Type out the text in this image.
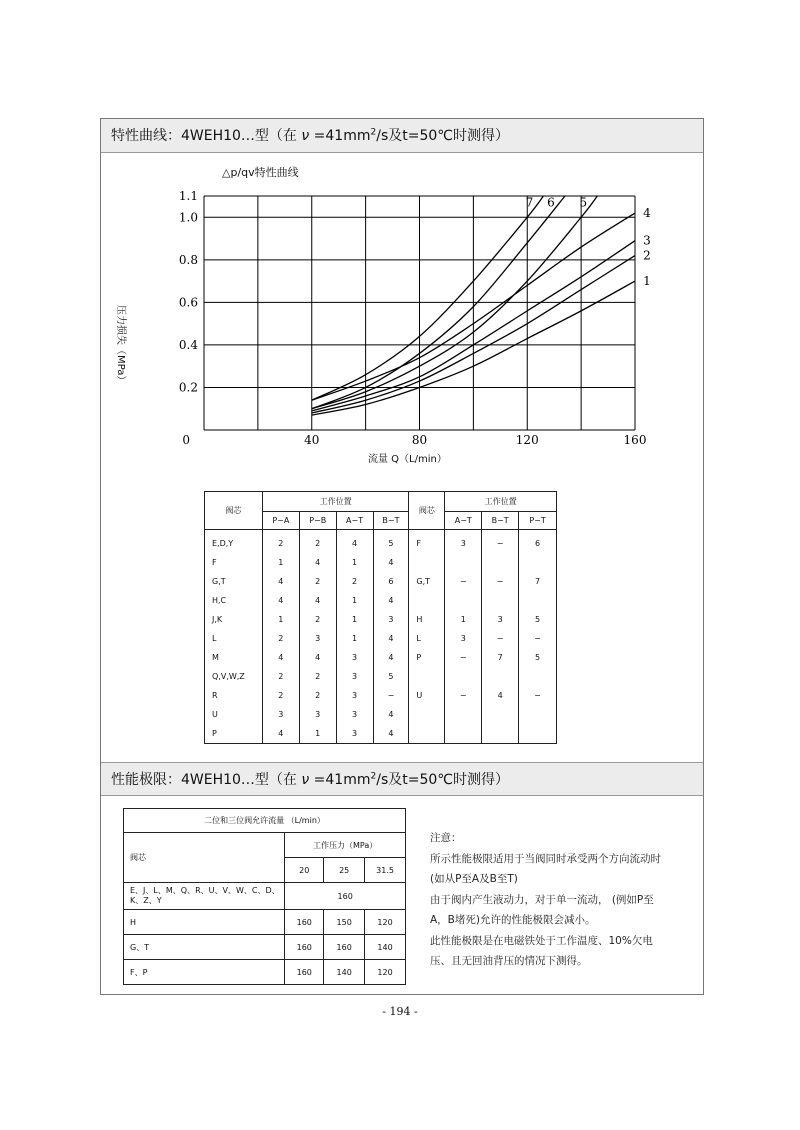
特性曲线：4WEH10…型（在 $\nu =41mm^2/s$及t=50℃时测得）
△p/qv特性曲线
压力损失（MPa）
流量 Q（L/min）
40	80	120	160
0.2
0.4
0.6
0.8
1.0
1.1
0
1
2
3
4
5
6
7
阀芯	工作位置				阀芯	工作位置		
	P−A	P−B	A−T	B−T		A−T	B−T	P−T
E,D,Y	2	2	4	5	F	3	−	6
F	1	4	1	4				
G,T	4	2	2	6	G,T	−	−	7
H,C	4	4	1	4				
J,K	1	2	1	3	H	1	3	5
L	2	3	1	4	L	3	−	−
M	4	4	3	4	P	−	7	5
Q,V,W,Z	2	2	3	5				
R	2	2	3	−	U	−	4	−
U	3	3	3	4				
P	4	1	3	4				
性能极限：4WEH10…型（在 $\nu =41mm^2/s$及t=50℃时测得）
二位和三位阀允许流量 （L/min）			
阀芯	工作压力（MPa）		
	20	25	31.5
E、J、L、M、Q、R、U、V、W、C、D、K、Z、Y	160		
H	160	150	120
G、T	160	160	140
F、P	160	140	120
注意：
所示性能极限适用于当阀同时承受两个方向流动时
(如从P至A及B至T)
由于阀内产生液动力，对于单一流动， (例如P至
A，B堵死)允许的性能极限会减小。
此性能极限是在电磁铁处于工作温度、10%欠电
压、且无回油背压的情况下测得。
- 194 -
